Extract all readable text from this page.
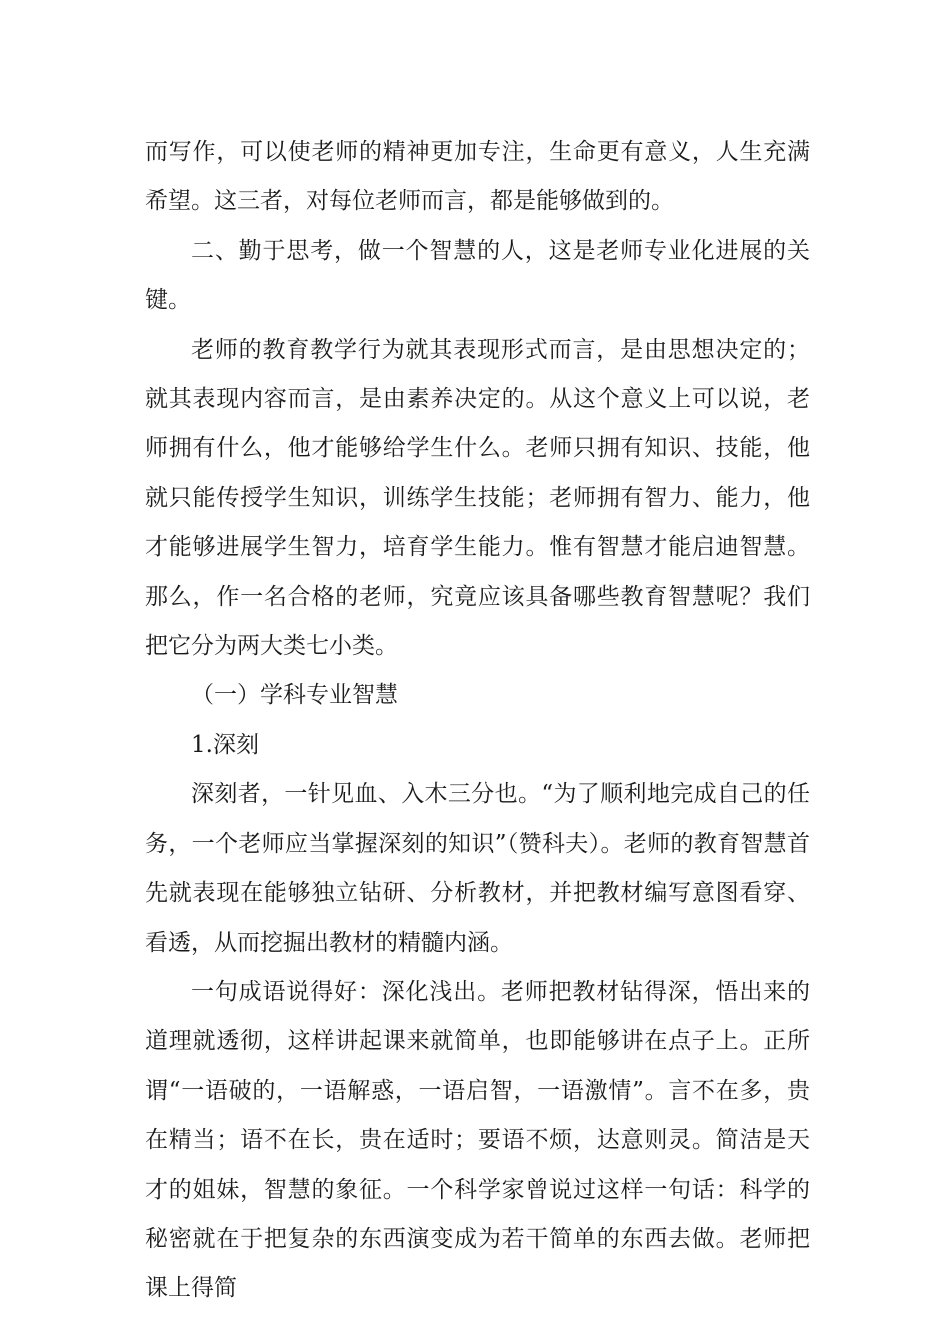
而写作，可以使老师的精神更加专注，生命更有意义，人生充满希望。这三者，对每位老师而言，都是能够做到的。

二、勤于思考，做一个智慧的人，这是老师专业化进展的关键。

老师的教育教学行为就其表现形式而言，是由思想决定的；就其表现内容而言，是由素养决定的。从这个意义上可以说，老师拥有什么，他才能够给学生什么。老师只拥有知识、技能，他就只能传授学生知识，训练学生技能；老师拥有智力、能力，他才能够进展学生智力，培育学生能力。惟有智慧才能启迪智慧。那么，作一名合格的老师，究竟应该具备哪些教育智慧呢？我们把它分为两大类七小类。

（一）学科专业智慧

1.深刻

深刻者，一针见血、入木三分也。“为了顺利地完成自己的任务，一个老师应当掌握深刻的知识”（赞科夫）。老师的教育智慧首先就表现在能够独立钻研、分析教材，并把教材编写意图看穿、看透，从而挖掘出教材的精髓内涵。

一句成语说得好：深化浅出。老师把教材钻得深，悟出来的道理就透彻，这样讲起课来就简单，也即能够讲在点子上。正所谓“一语破的，一语解惑，一语启智，一语激情”。言不在多，贵在精当；语不在长，贵在适时；要语不烦，达意则灵。简洁是天才的姐妹，智慧的象征。一个科学家曾说过这样一句话：科学的秘密就在于把复杂的东西演变成为若干简单的东西去做。老师把课上得简
